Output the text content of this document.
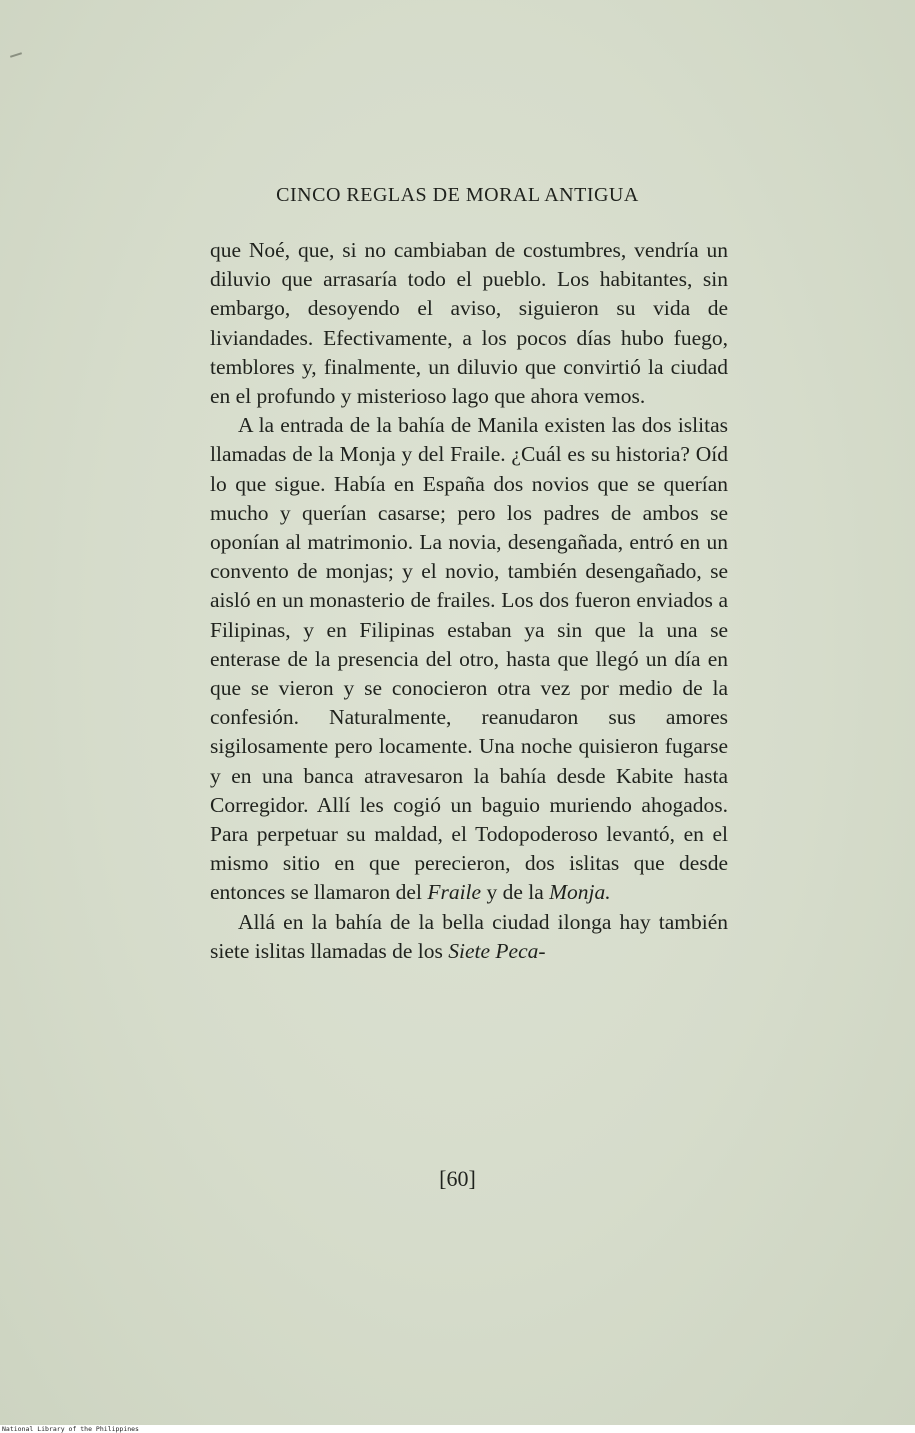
CINCO REGLAS DE MORAL ANTIGUA

que Noé, que, si no cambiaban de costumbres, vendría un diluvio que arrasaría todo el pueblo. Los habitantes, sin embargo, desoyendo el aviso, siguieron su vida de liviandades. Efectivamente, a los pocos días hubo fuego, temblores y, finalmente, un diluvio que convirtió la ciudad en el profundo y misterioso lago que ahora vemos.

A la entrada de la bahía de Manila existen las dos islitas llamadas de la Monja y del Fraile. ¿Cuál es su historia? Oíd lo que sigue. Había en España dos novios que se querían mucho y querían casarse; pero los padres de ambos se oponían al matrimonio. La novia, desengañada, entró en un convento de monjas; y el novio, también desengañado, se aisló en un monasterio de frailes. Los dos fueron enviados a Filipinas, y en Filipinas estaban ya sin que la una se enterase de la presencia del otro, hasta que llegó un día en que se vieron y se conocieron otra vez por medio de la confesión. Naturalmente, reanudaron sus amores sigilosamente pero locamente. Una noche quisieron fugarse y en una banca atravesaron la bahía desde Kabite hasta Corregidor. Allí les cogió un baguio muriendo ahogados. Para perpetuar su maldad, el Todopoderoso levantó, en el mismo sitio en que perecieron, dos islitas que desde entonces se llamaron del Fraile y de la Monja.

Allá en la bahía de la bella ciudad ilonga hay también siete islitas llamadas de los Siete Peca-

[60]
National Library of the Philippines
